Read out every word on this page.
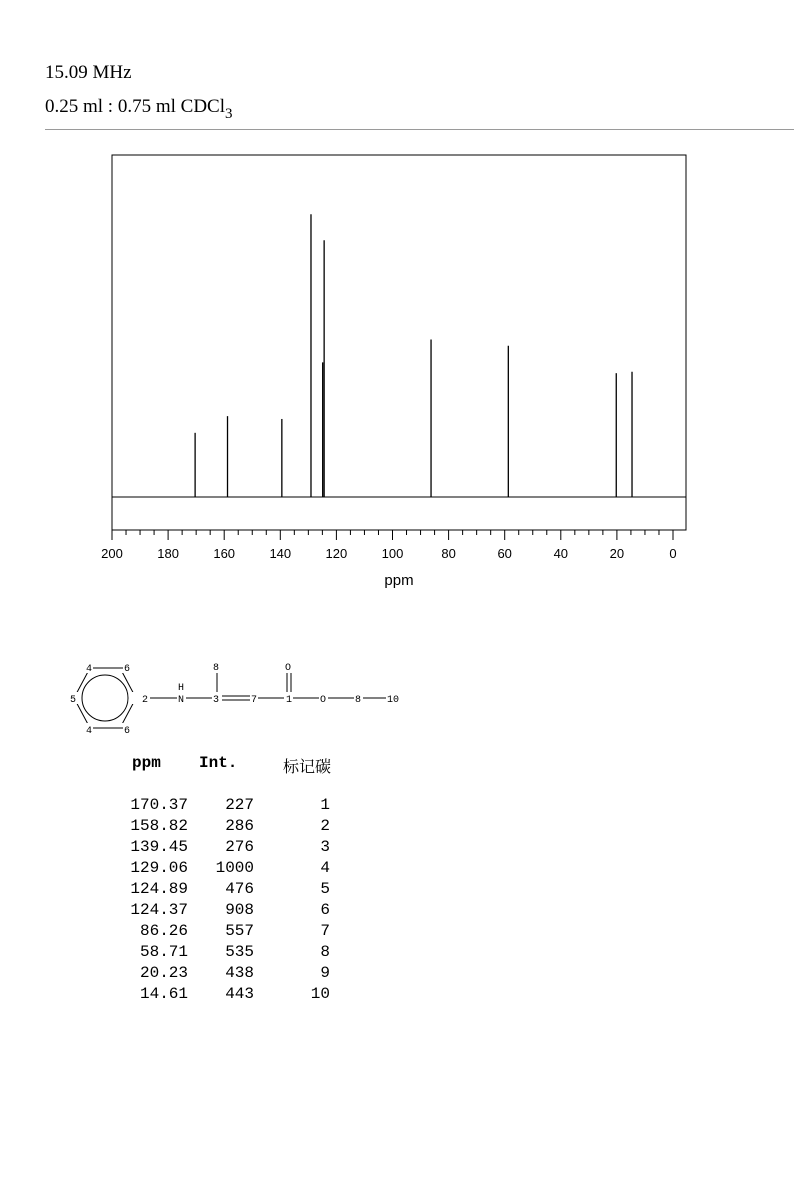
15.09 MHz
0.25 ml : 0.75 ml CDCl$_3$
200	180	160	140	120	100	80	60	40	20	0
ppm
4	6
5	2
4	6
H
N	3
8
7
O
1	O	8	10
ppm Int.	标记碳
170.37	227	1
158.82	286	2
139.45	276	3
129.06	1000	4
124.89	476	5
124.37	908	6
86.26	557	7
58.71	535	8
20.23	438	9
14.61	443	10
